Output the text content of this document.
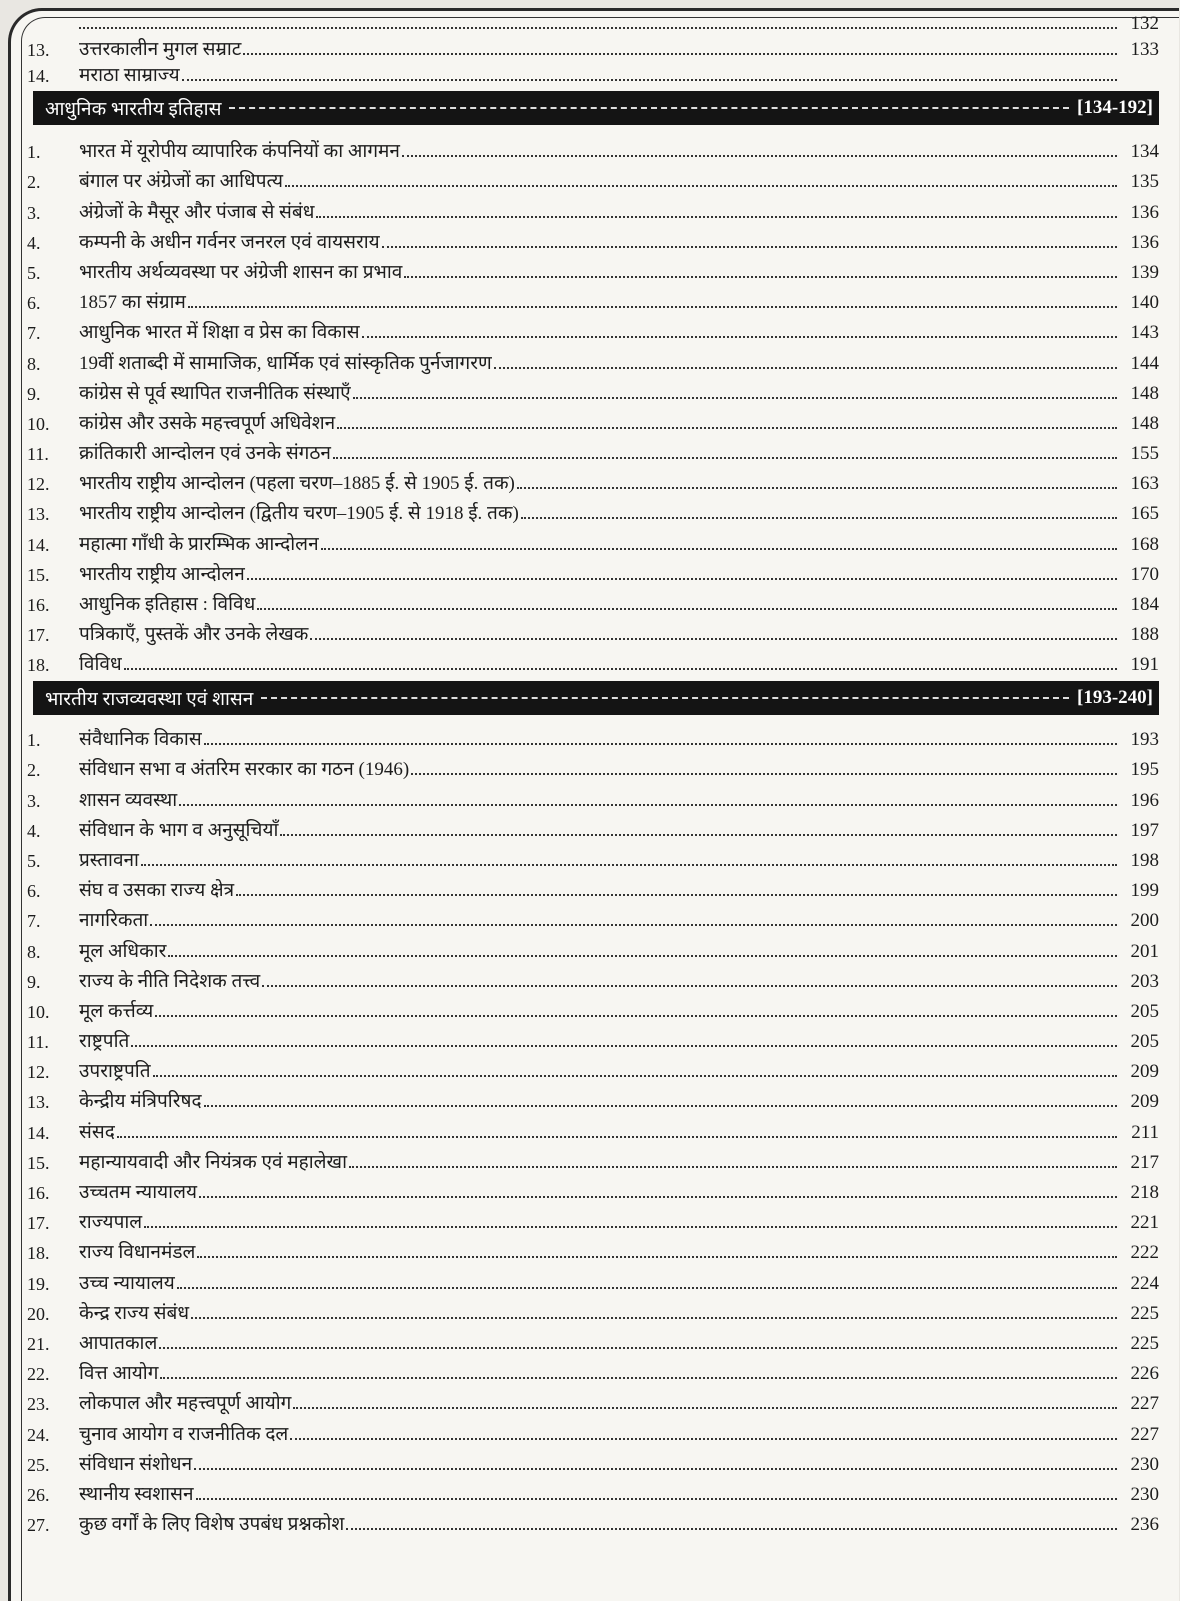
132
13.	उत्तरकालीन मुगल सम्राट	133
14.	मराठा साम्राज्य
आधुनिक भारतीय इतिहास	[134-192]
1.	भारत में यूरोपीय व्यापारिक कंपनियों का आगमन	134
2.	बंगाल पर अंग्रेजों का आधिपत्य	135
3.	अंग्रेजों के मैसूर और पंजाब से संबंध	136
4.	कम्पनी के अधीन गर्वनर जनरल एवं वायसराय	136
5.	भारतीय अर्थव्यवस्था पर अंग्रेजी शासन का प्रभाव	139
6.	1857 का संग्राम	140
7.	आधुनिक भारत में शिक्षा व प्रेस का विकास	143
8.	19वीं शताब्दी में सामाजिक, धार्मिक एवं सांस्कृतिक पुर्नजागरण	144
9.	कांग्रेस से पूर्व स्थापित राजनीतिक संस्थाएँ	148
10.	कांग्रेस और उसके महत्त्वपूर्ण अधिवेशन	148
11.	क्रांतिकारी आन्दोलन एवं उनके संगठन	155
12.	भारतीय राष्ट्रीय आन्दोलन (पहला चरण–1885 ई. से 1905 ई. तक)	163
13.	भारतीय राष्ट्रीय आन्दोलन (द्वितीय चरण–1905 ई. से 1918 ई. तक)	165
14.	महात्मा गाँधी के प्रारम्भिक आन्दोलन	168
15.	भारतीय राष्ट्रीय आन्दोलन	170
16.	आधुनिक इतिहास : विविध	184
17.	पत्रिकाएँ, पुस्तकें और उनके लेखक	188
18.	विविध	191
भारतीय राजव्यवस्था एवं शासन	[193-240]
1.	संवैधानिक विकास	193
2.	संविधान सभा व अंतरिम सरकार का गठन (1946)	195
3.	शासन व्यवस्था	196
4.	संविधान के भाग व अनुसूचियाँ	197
5.	प्रस्तावना	198
6.	संघ व उसका राज्य क्षेत्र	199
7.	नागरिकता	200
8.	मूल अधिकार	201
9.	राज्य के नीति निदेशक तत्त्व	203
10.	मूल कर्त्तव्य	205
11.	राष्ट्रपति	205
12.	उपराष्ट्रपति	209
13.	केन्द्रीय मंत्रिपरिषद	209
14.	संसद	211
15.	महान्यायवादी और नियंत्रक एवं महालेखा	217
16.	उच्चतम न्यायालय	218
17.	राज्यपाल	221
18.	राज्य विधानमंडल	222
19.	उच्च न्यायालय	224
20.	केन्द्र राज्य संबंध	225
21.	आपातकाल	225
22.	वित्त आयोग	226
23.	लोकपाल और महत्त्वपूर्ण आयोग	227
24.	चुनाव आयोग व राजनीतिक दल	227
25.	संविधान संशोधन	230
26.	स्थानीय स्वशासन	230
27.	कुछ वर्गों के लिए विशेष उपबंध प्रश्नकोश	236
